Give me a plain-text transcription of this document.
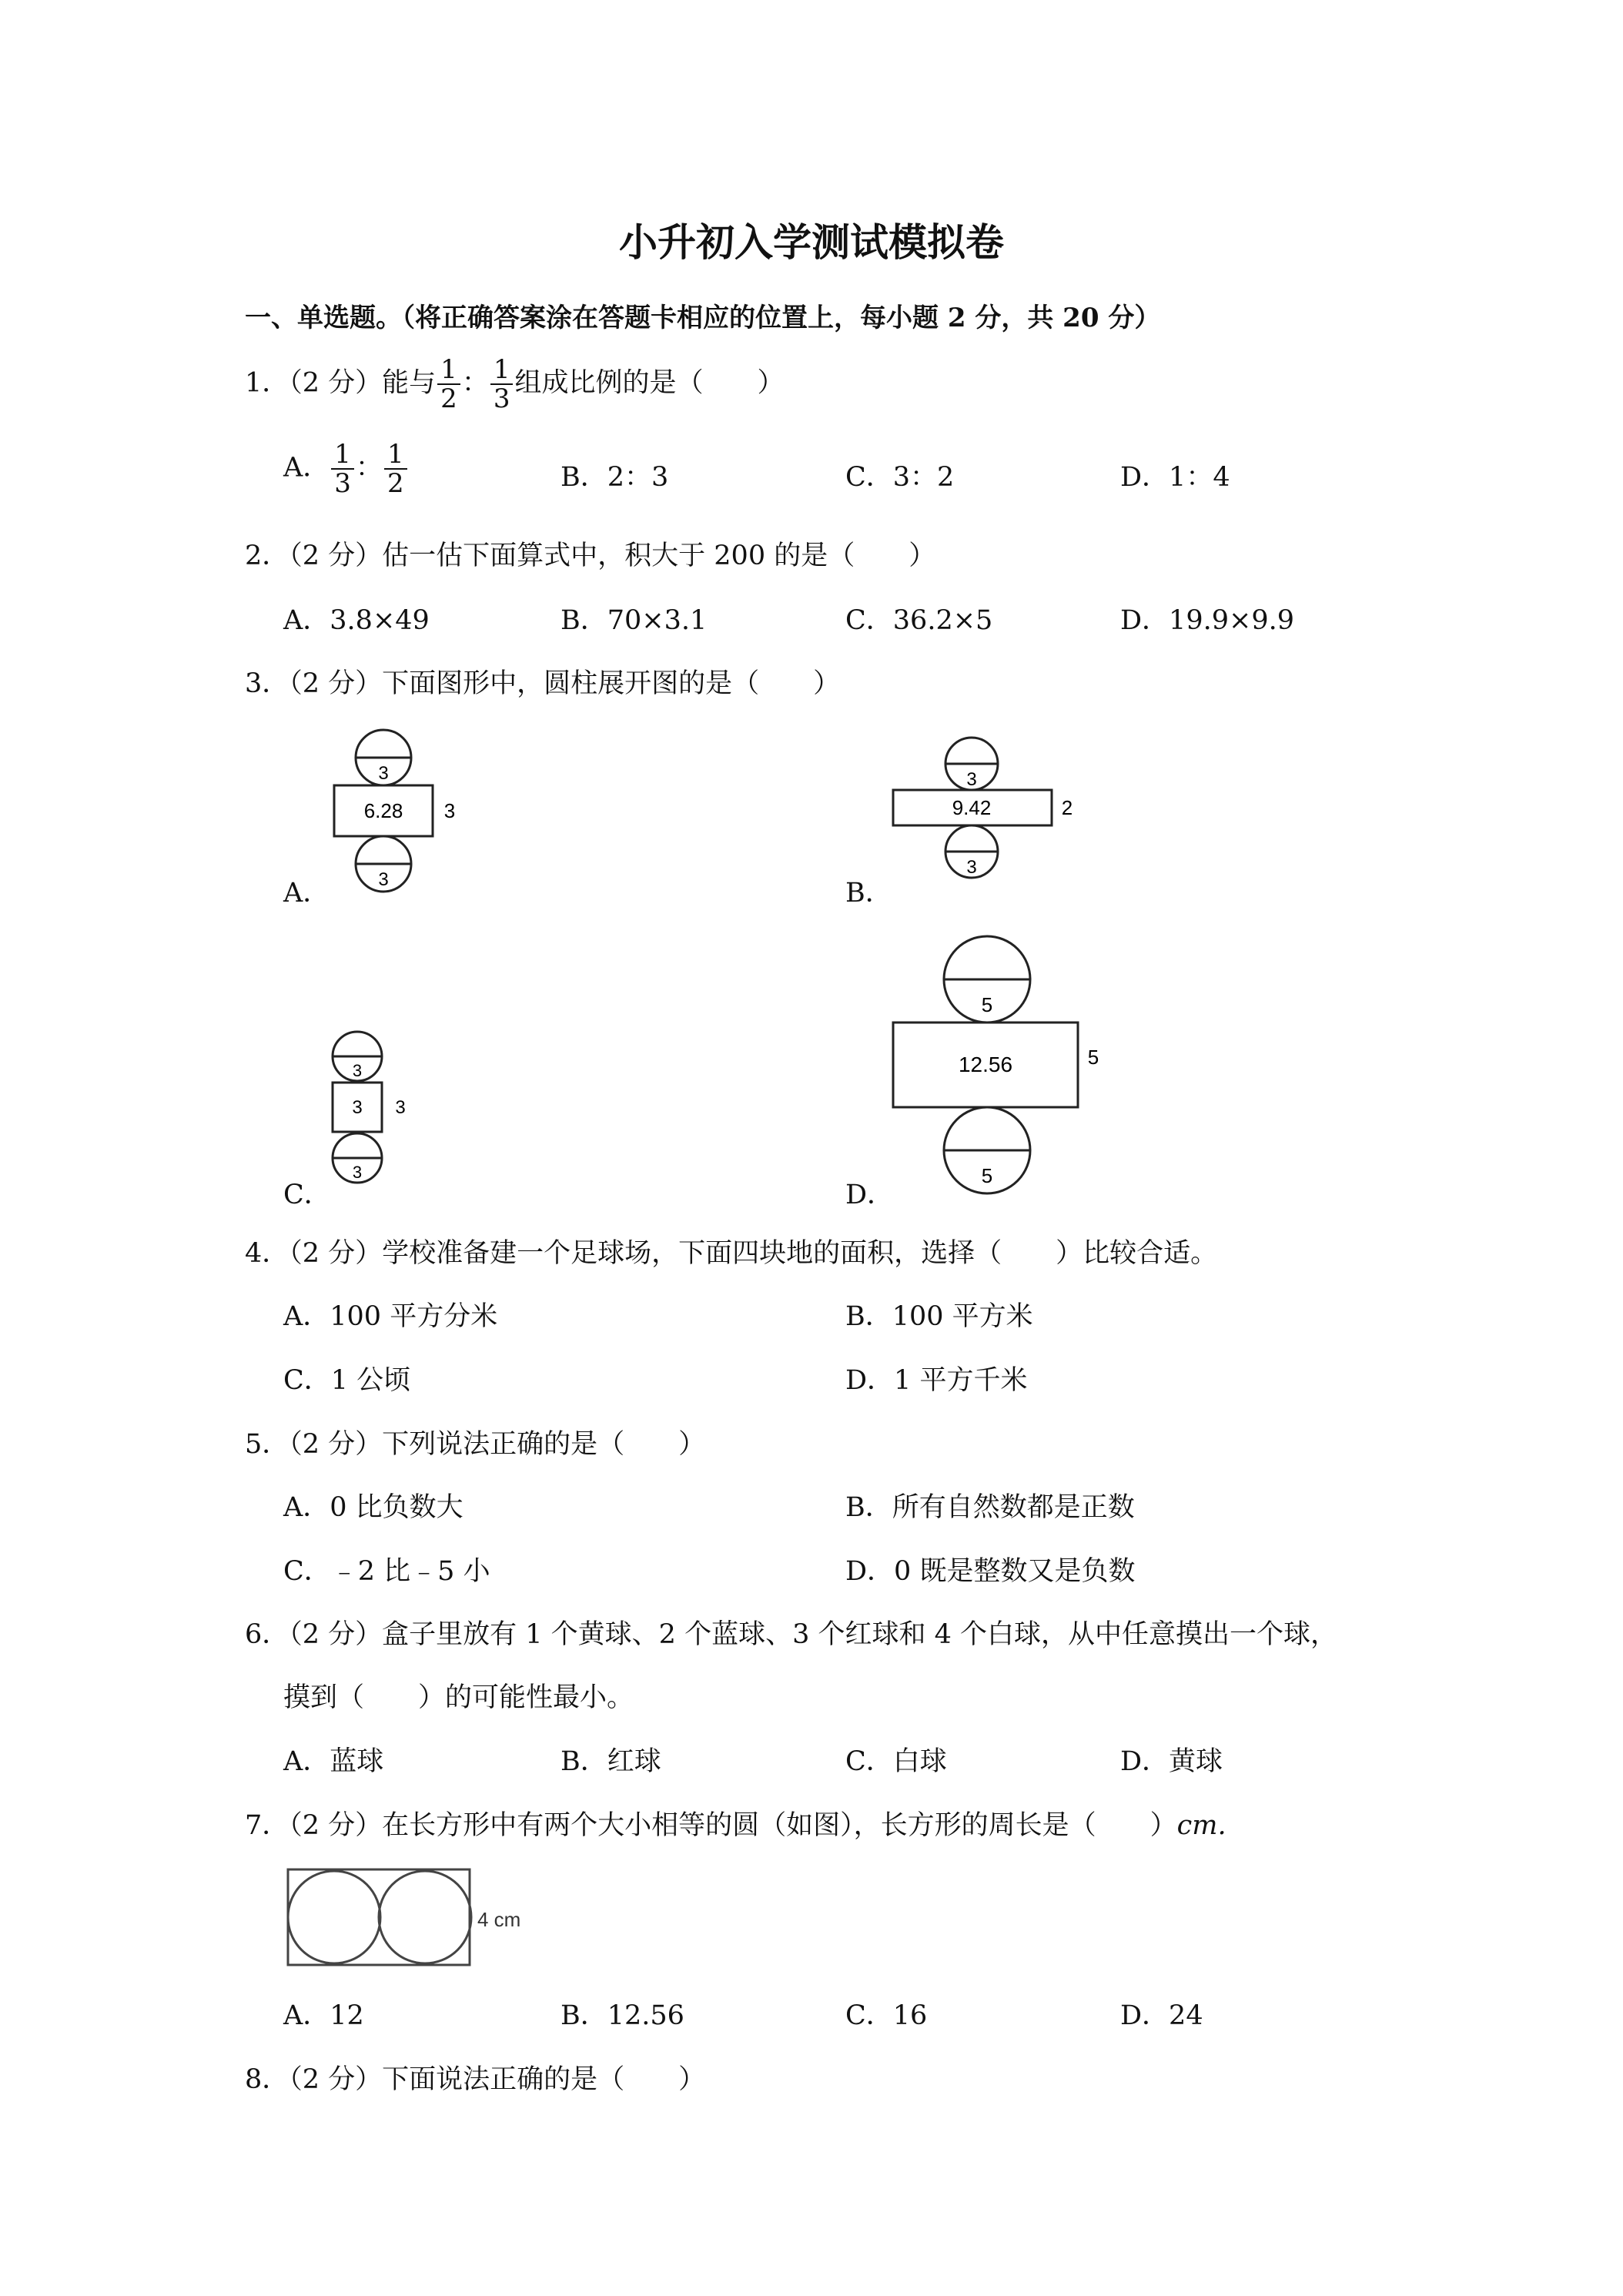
小升初入学测试模拟卷
一、单选题。（将正确答案涂在答题卡相应的位置上，每小题 2 分，共 20 分）
1．（2 分）能与 $\frac{1}{2}$ ： $\frac{1}{3}$ 组成比例的是（　　）
A． $\frac{1}{3}$ ： $\frac{1}{2}$	B．2：3	C．3：2	D．1：4
2．（2 分）估一估下面算式中，积大于 200 的是（　　）
A．3.8×49	B．70×3.1	C．36.2×5	D．19.9×9.9
3．（2 分）下面图形中，圆柱展开图的是（　　）
3
6.28 3
3
A．
3
9.42	2
3
B．
3
3 3
3
C．
5
12.56	5
5
D．
4．（2 分）学校准备建一个足球场，下面四块地的面积，选择（　　）比较合适。
A．100 平方分米	B．100 平方米
C．1 公顷	D．1 平方千米
5．（2 分）下列说法正确的是（　　）
A．0 比负数大	B．所有自然数都是正数
C．﹣2 比﹣5 小	D．0 既是整数又是负数
6．（2 分）盒子里放有 1 个黄球、2 个蓝球、3 个红球和 4 个白球，从中任意摸出一个球，
摸到（　　）的可能性最小。
A．蓝球	B．红球	C．白球	D．黄球
7．（2 分）在长方形中有两个大小相等的圆（如图），长方形的周长是（　　）cm.
4 cm
A．12	B．12.56	C．16	D．24
8．（2 分）下面说法正确的是（　　）
